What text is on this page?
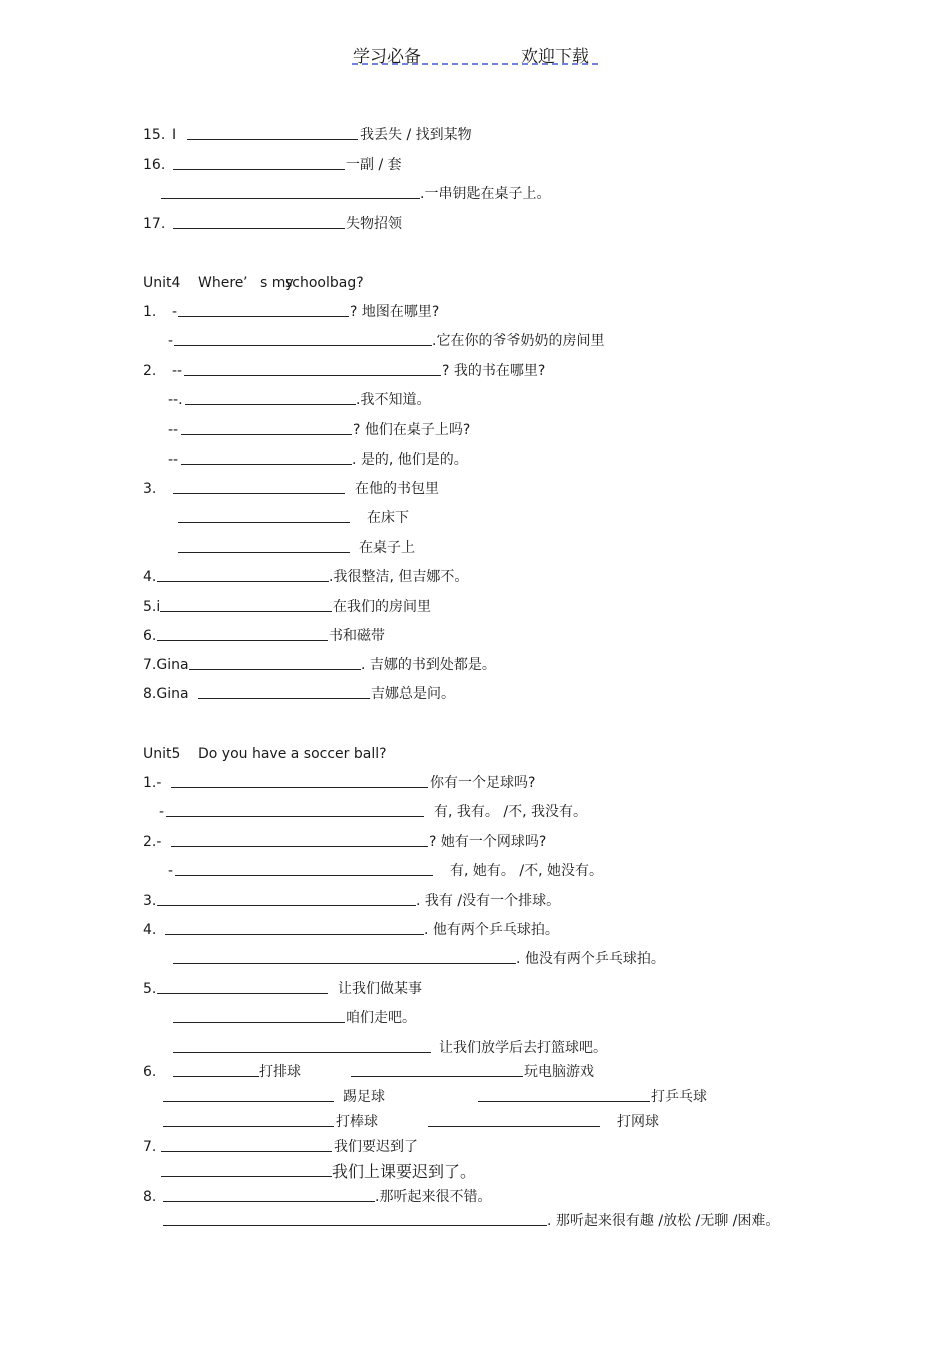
学习必备	欢迎下载
15. I	我丢失 / 找到某物
16.	一副 / 套
.一串钥匙在桌子上。
17.	失物招领
Unit4 Where ’ s my
schoolbag?
1. -	? 地图在哪里?
-	.它在你的爷爷奶奶的房间里
2. --	? 我的书在哪里?
--.	.我不知道。
--	? 他们在桌子上吗?
--	. 是的, 他们是的。
3.	在他的书包里
在床下
在桌子上
4.	.我很整洁, 但吉娜不。
5.i	在我们的房间里
6.	书和磁带
7.Gina	. 吉娜的书到处都是。
8.Gina	吉娜总是问。
Unit5 Do you have a soccer ball?
1.-	你有一个足球吗?
-	有, 我有。 /不, 我没有。
2.-	? 她有一个网球吗?
-	有, 她有。 /不, 她没有。
3.	. 我有 /没有一个排球。
4.	. 他有两个乒乓球拍。
. 他没有两个乒乓球拍。
5.	让我们做某事
咱们走吧。
让我们放学后去打篮球吧。
6.	打排球	玩电脑游戏
踢足球	打乒乓球
打棒球	打网球
7.	我们要迟到了
我们上课要迟到了。
8.	.那听起来很不错。
. 那听起来很有趣 /放松 /无聊 /困难。
